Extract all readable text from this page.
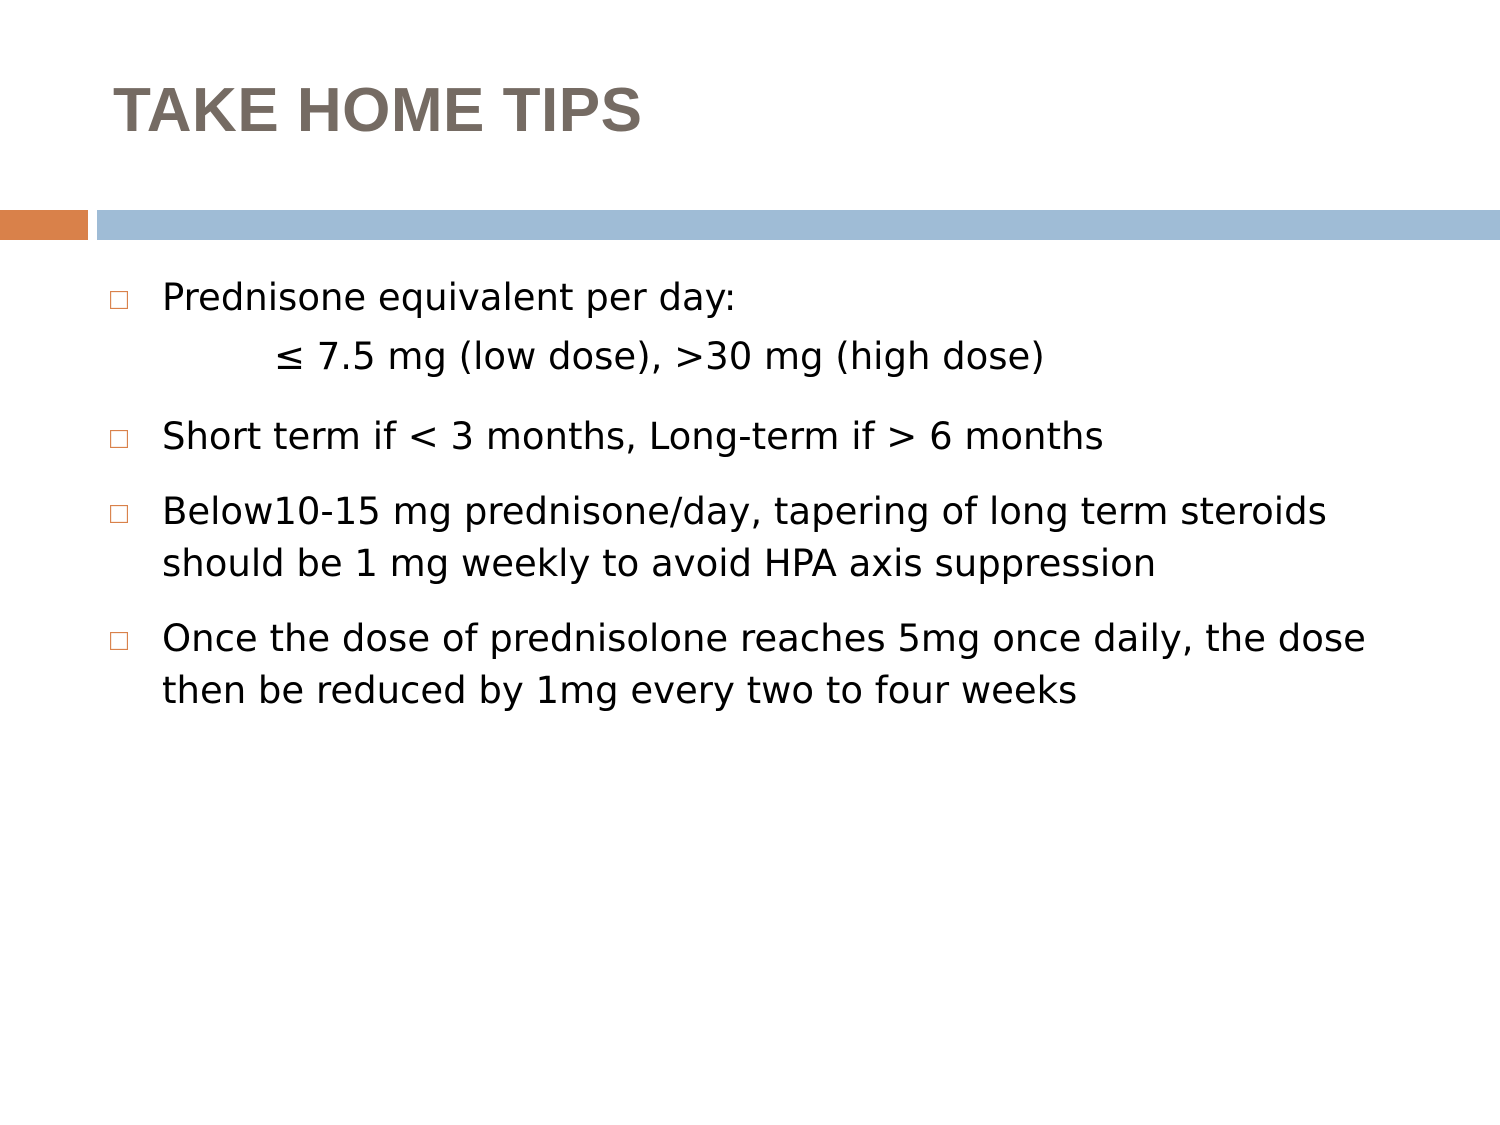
TAKE HOME TIPS
□ Prednisone equivalent per day:
≤ 7.5 mg (low dose), >30 mg (high dose)
□ Short term if < 3 months, Long-term if > 6 months
□ Below10-15 mg prednisone/day, tapering of long term steroids should be 1 mg weekly to avoid HPA axis suppression
□ Once the dose of prednisolone reaches 5mg once daily, the dose then be reduced by 1mg every two to four weeks
